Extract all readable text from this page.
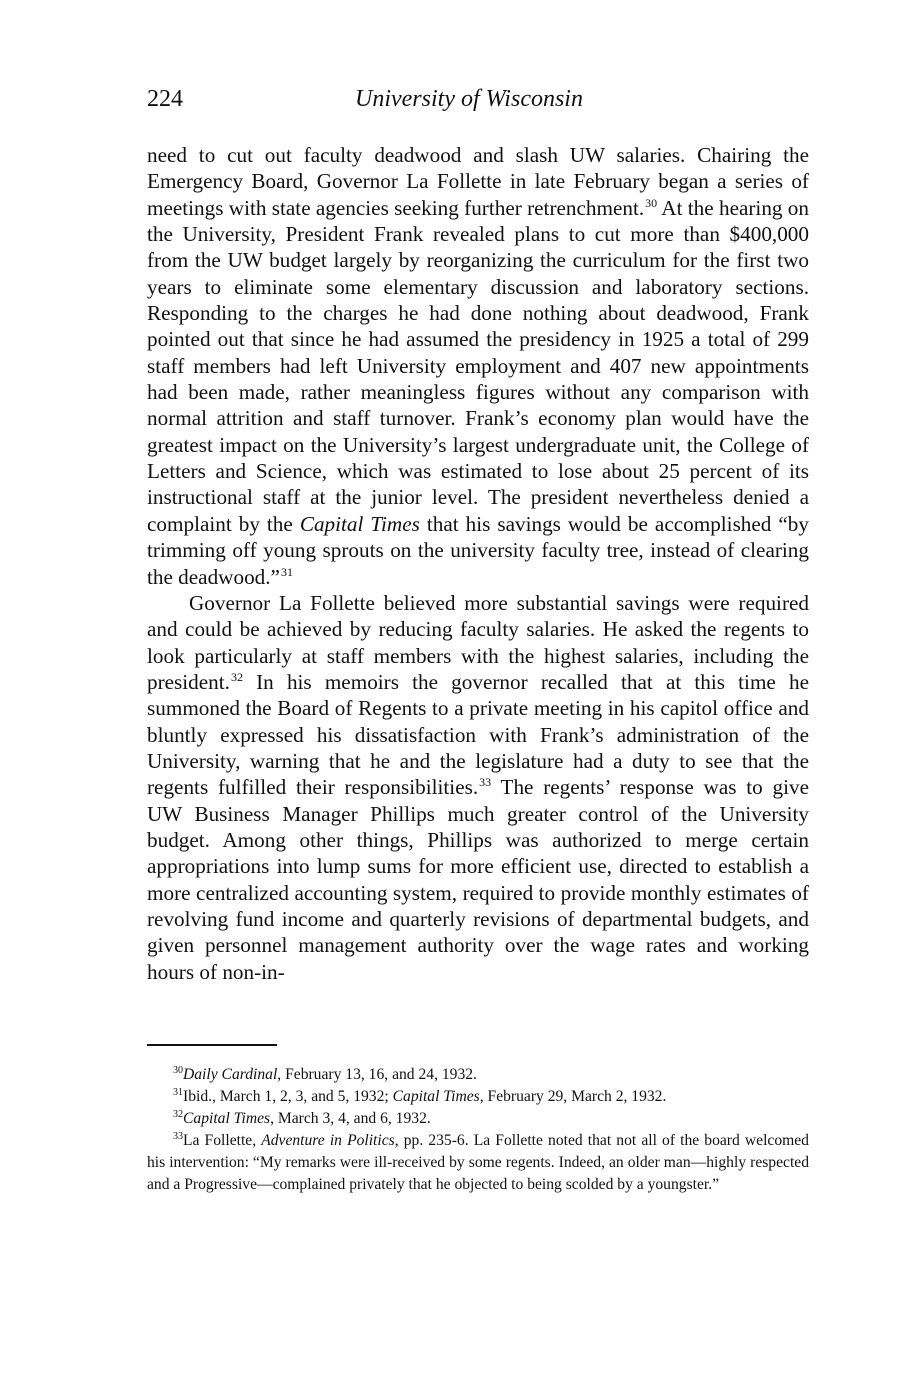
224	University of Wisconsin

need to cut out faculty deadwood and slash UW salaries. Chairing the Emergency Board, Governor La Follette in late February began a series of meetings with state agencies seeking further retrenchment.$^{30}$ At the hearing on the University, President Frank revealed plans to cut more than $400,000 from the UW budget largely by reorganizing the curriculum for the first two years to eliminate some elementary discussion and laboratory sections. Responding to the charges he had done nothing about deadwood, Frank pointed out that since he had assumed the presidency in 1925 a total of 299 staff members had left University employment and 407 new appointments had been made, rather meaningless figures without any comparison with normal attrition and staff turnover. Frank’s economy plan would have the greatest impact on the University’s largest undergraduate unit, the College of Letters and Science, which was estimated to lose about 25 percent of its instructional staff at the junior level. The president nevertheless denied a complaint by the Capital Times that his savings would be accomplished “by trimming off young sprouts on the university faculty tree, instead of clearing the deadwood.”$^{31}$

Governor La Follette believed more substantial savings were required and could be achieved by reducing faculty salaries. He asked the regents to look particularly at staff members with the highest salaries, including the president.$^{32}$ In his memoirs the governor recalled that at this time he summoned the Board of Regents to a private meeting in his capitol office and bluntly expressed his dissatisfaction with Frank’s administration of the University, warning that he and the legislature had a duty to see that the regents fulfilled their responsibilities.$^{33}$ The regents’ response was to give UW Business Manager Phillips much greater control of the University budget. Among other things, Phillips was authorized to merge certain appropriations into lump sums for more efficient use, directed to establish a more centralized accounting system, required to provide monthly estimates of revolving fund income and quarterly revisions of departmental budgets, and given personnel management authority over the wage rates and working hours of non-in-

$^{30}$Daily Cardinal, February 13, 16, and 24, 1932.

$^{31}$Ibid., March 1, 2, 3, and 5, 1932; Capital Times, February 29, March 2, 1932.

$^{32}$Capital Times, March 3, 4, and 6, 1932.

$^{33}$La Follette, Adventure in Politics, pp. 235-6. La Follette noted that not all of the board welcomed his intervention: “My remarks were ill-received by some regents. Indeed, an older man—highly respected and a Progressive—complained privately that he objected to being scolded by a youngster.”
